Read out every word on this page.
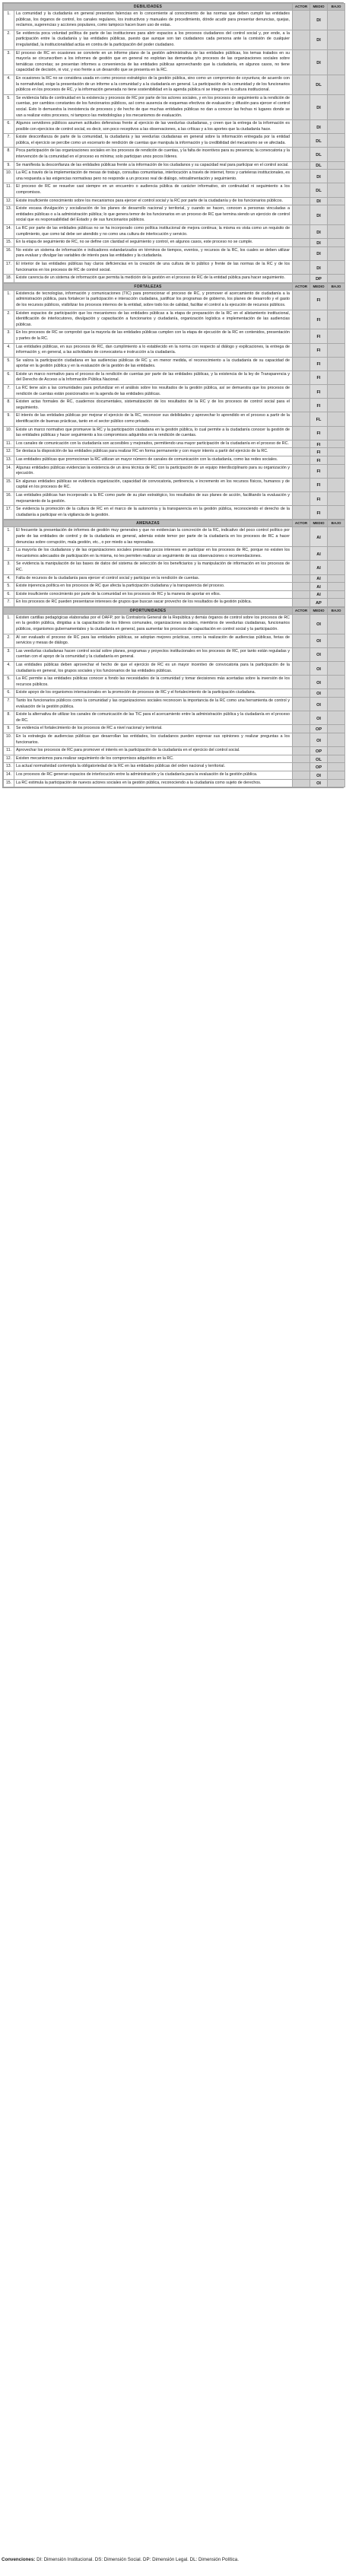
DEBILIDADES		ACTOR	MEDIO	BAJO
1.	La comunidad y la ciudadanía en general presentan falencias en lo concerniente al conocimiento de las normas que deben cumplir las entidades públicas, los órganos de control, los canales regulares, los instructivos y manuales de procedimiento, dónde acudir para presentar denuncias, quejas, reclamos, sugerencias y acciones populares, como tampoco hacen buen uso de estas.		DI	
2.	Se evidencia poca voluntad política de parte de las instituciones para abrir espacios a los procesos ciudadanos del control social y, por ende, a la participación entre la ciudadanía y las entidades públicas, puesto que aunque son tan ciudadanos cada persona ante la comisión de cualquier irregularidad, la institucionalidad actúa en contra de la participación del poder ciudadano.		DI	
3.	El proceso de RC en ocasiones se convierte en un informe plano de la gestión administrativa de las entidades públicas, los temas tratados en su mayoría se circunscriben a los informes de gestión que en general no explotan las demandas y/o procesos de las organizaciones sociales sobre temáticas concretas; se presentan informes a conveniencia de las entidades públicas aprovechando que la ciudadanía, en algunos casos, no tiene capacidad de decisión, ni voz, y eso frente a un desarrollo que se presenta en la RC.		DI	
4.	En ocasiones la RC no se considera usada en como proceso estratégico de la gestión pública, sino como un compromiso de coyuntura; de acuerdo con la normatividad, exige la presentación de un informe a la comunidad y a la ciudadanía en general. La participación de la comunidad y de los funcionarios públicos en los procesos de RC, y la información generada no tiene sostenibilidad en la agenda pública ni se integra en la cultura institucional.		DL	
5.	Se evidencia falta de continuidad en la existencia y procesos de RC por parte de los actores sociales, y en los procesos de seguimiento a la rendición de cuentas, por cambios constantes de los funcionarios públicos, así como ausencia de esquemas efectivos de evaluación y difusión para ejercer el control social. Esto lo demuestra la inexistencia de procesos y de hecho de que muchas entidades públicas no dan a conocer las fechas ni lugares donde se van a realizar estos procesos, ni tampoco las metodologías y los mecanismos de evaluación.		DI	
6.	Algunos servidores públicos asumen actitudes defensivas frente al ejercicio de las veedurías ciudadanas, y creen que la entrega de la información es posible con ejercicios de control social, es decir, son poco receptivos a las observaciones, a las críticas y a los aportes que la ciudadanía hace.		DI	
7.	Existe desconfianza de parte de la comunidad, la ciudadanía y las veedurías ciudadanas en general sobre la información entregada por la entidad pública, el ejercicio se percibe como un escenario de rendición de cuentas que manipula la información y la credibilidad del mecanismo se ve afectada.		DL	
8.	Poca participación de las organizaciones sociales en los procesos de rendición de cuentas, y la falta de incentivos para su presencia; la convocatoria y la intervención de la comunidad en el proceso es mínima; solo participan unos pocos líderes.		DL	
9.	Se manifiesta la desconfianza de las entidades públicas frente a la información de los ciudadanos y su capacidad real para participar en el control social.		DL	
10.	La RC a través de la implementación de mesas de trabajo, consultas comunitarias, interlocución a través de internet, foros y carteleras institucionales, es una respuesta a las exigencias normativas pero no responde a un proceso real de diálogo, retroalimentación y seguimiento.		DI	
11.	El proceso de RC se resuelve casi siempre en un encuentro o audiencia pública de carácter informativo, sin continuidad ni seguimiento a los compromisos.		DL	
12.	Existe insuficiente conocimiento sobre los mecanismos para ejercer el control social y la RC por parte de la ciudadanía y de los funcionarios públicos.		DI	
13.	Existe escasa divulgación y socialización de los planes de desarrollo nacional y territorial, y cuando se hacen, conocen a personas vinculadas a entidades públicas o a la administración pública; lo que genera temor de los funcionarios en un proceso de RC que termina siendo un ejercicio de control social que es responsabilidad del Estado y de sus funcionarios públicos.		DI	
14.	La RC por parte de las entidades públicas no se ha incorporado como política institucional de mejora continua; la misma es vista como un requisito de cumplimiento, que como tal debe ser atendido y no como una cultura de interlocución y servicio.		DI	
15.	En la etapa de seguimiento de RC, no se define con claridad el seguimiento y control, en algunos casos, este proceso no se cumple.		DI	
16.	No existe un sistema de información e indicadores estandarizados en términos de tiempos, eventos, y recursos de la RC, los cuales se deben utilizar para evaluar y divulgar las variables de interés para las entidades y la ciudadanía.		DI	
17.	El interior de las entidades públicas hay claros deficiencias en la creación de una cultura de lo público y frente de las normas de la RC y de los funcionarios en los procesos de RC de control social.		DI	
18.	Existe carencia de un sistema de información que permita la medición de la gestión en el proceso de RC de la entidad pública para hacer seguimiento.		DP	
FORTALEZAS		ACTOR	MEDIO	BAJO
1.	Existencia de tecnologías, información y comunicaciones (TIC) para promocionar el proceso de RC, y promover el acercamiento de ciudadanía a la administración pública, para fortalecer la participación e interacción ciudadana, justificar los programas de gobierno, los planes de desarrollo y el gasto de los recursos públicos, visibilizar los procesos internos de la entidad, sobre todo los de calidad, facilitar el control a la ejecución de recursos públicos.		FI	
2.	Existen espacios de participación que los mecanismos de las entidades públicas a la etapa de preparación de la RC en el alistamiento institucional, identificación de interlocutores, divulgación y capacitación a funcionarios y ciudadanía, organización logística e implementación de las audiencias públicas.		FI	
3.	En los procesos de RC se comprobó que la mayoría de las entidades públicas cumplen con la etapa de ejecución de la RC en contenidos, presentación y partes de la RC.		FI	
4.	Las entidades públicas, en sus procesos de RC, dan cumplimiento a lo establecido en la norma con respecto al diálogo y explicaciones, la entrega de información y, en general, a las actividades de convocatoria e instrucción a la ciudadanía.		FI	
5.	Se valora la participación ciudadana en las audiencias públicas de RC y, en menor medida, el reconocimiento a la ciudadanía de su capacidad de aportar en la gestión pública y en la evaluación de la gestión de las entidades.		FI	
6.	Existe un marco normativo para el proceso de la rendición de cuentas por parte de las entidades públicas, y la existencia de la ley de Transparencia y del Derecho de Acceso a la Información Pública Nacional.		FI	
7.	La RC tiene aún a las comunidades para profundizar en el análisis sobre los resultados de la gestión pública, así se demuestra que los procesos de rendición de cuentas están posicionados en la agenda de las entidades públicas.		FI	
8.	Existen actas formales de RC, cuadernos documentales, sistematización de los resultados de la RC y de los procesos de control social para el seguimiento.		FI	
9.	El interés de las entidades públicas por mejorar el ejercicio de la RC, reconocer sus debilidades y aprovechar lo aprendido en el proceso a partir de la identificación de buenas prácticas, tanto en el sector público como privado.		FL	
10.	Existe un marco normativo que promueve la RC y la participación ciudadana en la gestión pública, lo cual permite a la ciudadanía conocer la gestión de las entidades públicas y hacer seguimiento a los compromisos adquiridos en la rendición de cuentas.		FI	
11.	Los canales de comunicación con la ciudadanía son accesibles y mejorados, permitiendo una mayor participación de la ciudadanía en el proceso de RC.		FI	
12.	Se destaca la disposición de las entidades públicas para realizar RC en forma permanente y con mayor interés a partir del ejercicio de la RC.		FI	
13.	Las entidades públicas que promocionan la RC utilizan un mayor número de canales de comunicación con la ciudadanía, como las redes sociales.		FI	
14.	Algunas entidades públicas evidencian la existencia de un área técnica de RC con la participación de un equipo interdisciplinario para su organización y ejecución.		FI	
15.	En algunas entidades públicas se evidencia organización, capacidad de convocatoria, pertinencia, e incremento en los recursos físicos, humanos y de capital en los procesos de RC.		FI	
16.	Las entidades públicas han incorporado a la RC como parte de su plan estratégico, los resultados de sus planes de acción, facilitando la evaluación y mejoramiento de la gestión.		FI	
17.	Se evidencia la promoción de la cultura de RC en el marco de la autonomía y la transparencia en la gestión pública, reconociendo el derecho de la ciudadanía a participar en la vigilancia de la gestión.		FI	
AMENAZAS		ACTOR	MEDIO	BAJO
1.	El frecuente la presentación de informes de gestión muy generales y que no evidencian la concreción de la RC, indicativo del poco control político por parte de las entidades de control y de la ciudadanía en general, además existe temor por parte de la ciudadanía en los procesos de RC a hacer denuncias sobre corrupción, mala gestión, etc., o por miedo a las represalias.		AI	
2.	La mayoría de los ciudadanos y de las organizaciones sociales presentan pocos intereses en participar en los procesos de RC, porque no existen los mecanismos adecuados de participación en la misma, no les permiten realizar un seguimiento de sus observaciones o recomendaciones.		AI	
3.	Se evidencia la manipulación de las bases de datos del sistema de selección de los beneficiarios y la manipulación de información en los procesos de RC.		AI	
4.	Falta de recursos de la ciudadanía para ejercer el control social y participar en la rendición de cuentas.		AI	
5.	Existe injerencia política en los procesos de RC que afecta la participación ciudadana y la transparencia del proceso.		AI	
6.	Existe insuficiente conocimiento por parte de la comunidad en los procesos de RC y la manera de aportar en ellos.		AI	
7.	En los procesos de RC pueden presentarse intereses de grupos que buscan sacar provecho de los resultados de la gestión pública.		AP	
OPORTUNIDADES		ACTOR	MEDIO	BAJO
1.	Existen cartillas pedagógicas elaboradas por el DAFP, por la Contraloría General de la República y demás órganos de control sobre los procesos de RC en la gestión pública, dirigidas a la capacitación de los líderes comunales, organizaciones sociales, miembros de veedurías ciudadanas, funcionarios públicos, organismos gubernamentales y la ciudadanía en general, para aumentar los procesos de capacitación en control social y la participación.		OI	
2.	Al ser evaluado el proceso de RC para las entidades públicas, se adoptan mejores prácticas, como la realización de audiencias públicas, ferias de servicios y mesas de diálogo.		OI	
3.	Las veedurías ciudadanas hacen control social sobre planes, programas y proyectos institucionales en los procesos de RC, por tanto están reguladas y cuentan con el apoyo de la comunidad y la ciudadanía en general.		OI	
4.	Las entidades públicas deben aprovechar el hecho de que el ejercicio de RC es un mayor incentivo de convocatoria para la participación de la ciudadanía en general, los grupos sociales y los funcionarios de las entidades públicas.		OI	
5.	La RC permite a las entidades públicas conocer a fondo las necesidades de la comunidad y tomar decisiones más acertadas sobre la inversión de los recursos públicos.		OI	
6.	Existe apoyo de los organismos internacionales en la promoción de procesos de RC y el fortalecimiento de la participación ciudadana.		OI	
7.	Tanto los funcionarios públicos como la comunidad y las organizaciones sociales reconocen la importancia de la RC como una herramienta de control y evaluación de la gestión pública.		OI	
8.	Existe la alternativa de utilizar los canales de comunicación de las TIC para el acercamiento entre la administración pública y la ciudadanía en el proceso de RC.		OI	
9.	Se evidencia el fortalecimiento de los procesos de RC a nivel nacional y territorial.		OP	
10.	En la estrategia de audiencias públicas que desarrollan las entidades, los ciudadanos pueden expresar sus opiniones y realizar preguntas a los funcionarios.		OI	
11.	Aprovechar los procesos de RC para promover el interés en la participación de la ciudadanía en el ejercicio del control social.		OP	
12.	Existen mecanismos para realizar seguimiento de los compromisos adquiridos en la RC.		OL	
13.	La actual normatividad contempla la obligatoriedad de la RC en las entidades públicas del orden nacional y territorial.		OP	
14.	Los procesos de RC generan espacios de interlocución entre la administración y la ciudadanía para la evaluación de la gestión pública.		OI	
15.	La RC estimula la participación de nuevos actores sociales en la gestión pública, reconociendo a la ciudadanía como sujeto de derechos.		OI	
Convenciones: DI: Dimensión Institucional. DS: Dimensión Social. DP: Dimensión Legal. DL: Dimensión Política.
